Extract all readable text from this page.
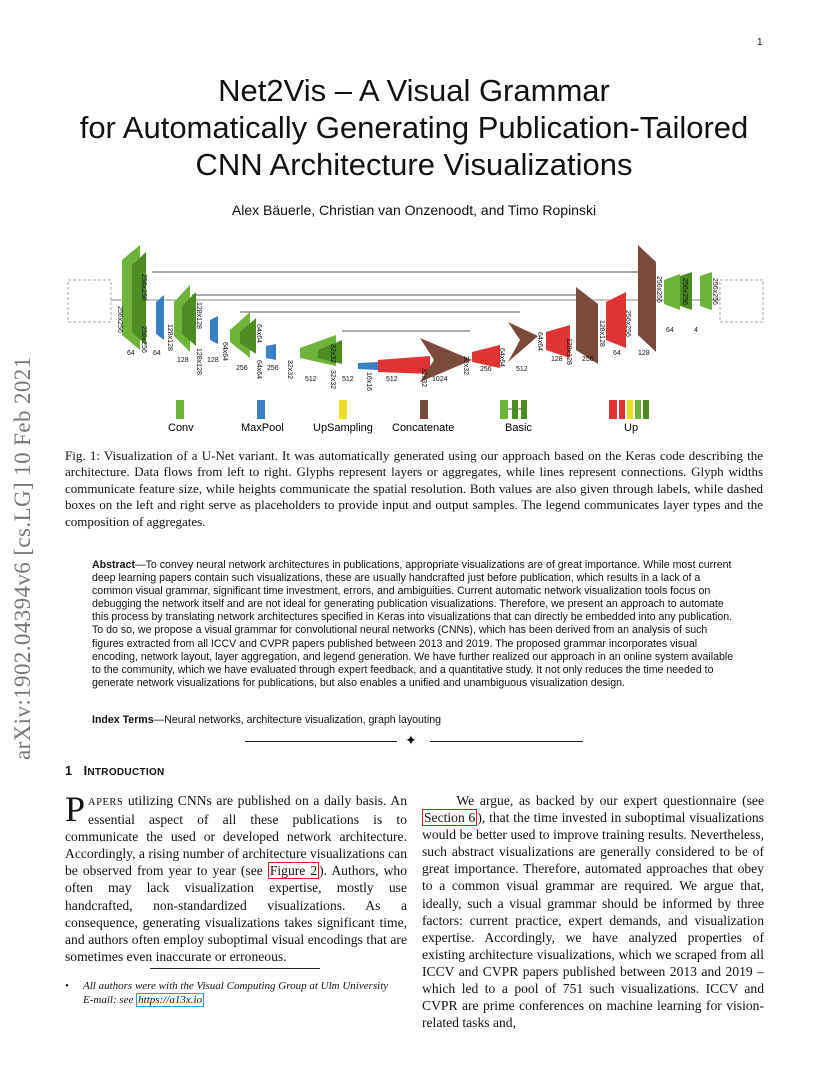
1
Net2Vis – A Visual Grammar
for Automatically Generating Publication-Tailored
CNN Architecture Visualizations
Alex Bäuerle, Christian van Onzenoodt, and Timo Ropinski
arXiv:1902.04394v6 [cs.LG] 10 Feb 2021
256x256
64
256x256
256x256
64
128x128
128
128x128
128x128 128 64x64
256
64x64
64x64 256 32x32
512
32x32
32x32 512 16x16 512	32x32 1024
32x32 256
64x64
512
64x64
128 128x128 256
128x128
64
256x256
128
256x256
64
256x256
4
256x256
Conv	MaxPool	UpSampling Concatenate	Basic	Up
Fig. 1: Visualization of a U-Net variant. It was automatically generated using our approach based on the Keras code describing the architecture. Data flows from left to right. Glyphs represent layers or aggregates, while lines represent connections. Glyph widths communicate feature size, while heights communicate the spatial resolution. Both values are also given through labels, while dashed boxes on the left and right serve as placeholders to provide input and output samples. The legend communicates layer types and the composition of aggregates.
Abstract—To convey neural network architectures in publications, appropriate visualizations are of great importance. While most current deep learning papers contain such visualizations, these are usually handcrafted just before publication, which results in a lack of a common visual grammar, significant time investment, errors, and ambiguities. Current automatic network visualization tools focus on debugging the network itself and are not ideal for generating publication visualizations. Therefore, we present an approach to automate this process by translating network architectures specified in Keras into visualizations that can directly be embedded into any publication. To do so, we propose a visual grammar for convolutional neural networks (CNNs), which has been derived from an analysis of such figures extracted from all ICCV and CVPR papers published between 2013 and 2019. The proposed grammar incorporates visual encoding, network layout, layer aggregation, and legend generation. We have further realized our approach in an online system available to the community, which we have evaluated through expert feedback, and a quantitative study. It not only reduces the time needed to generate network visualizations for publications, but also enables a unified and unambiguous visualization design.
Index Terms—Neural networks, architecture visualization, graph layouting
✦
1 INTRODUCTION
PAPERS utilizing CNNs are published on a daily basis. An essential aspect of all these publications is to communicate the used or developed network architecture. Accordingly, a rising number of architecture visualizations can be observed from year to year (see Figure 2 ). Authors, who often may lack visualization expertise, mostly use handcrafted, non-standardized visualizations. As a consequence, generating visualizations takes significant time, and authors often employ suboptimal visual encodings that are sometimes even inaccurate or erroneous.
We argue, as backed by our expert questionnaire (see Section 6 ), that the time invested in suboptimal visualizations would be better used to improve training results. Nevertheless, such abstract visualizations are generally considered to be of great importance. Therefore, automated approaches that obey to a common visual grammar are required. We argue that, ideally, such a visual grammar should be informed by three factors: current practice, expert demands, and visualization expertise. Accordingly, we have analyzed properties of existing architecture visualizations, which we scraped from all ICCV and CVPR papers published between 2013 and 2019 – which led to a pool of 751 such visualizations. ICCV and CVPR are prime conferences on machine learning for vision-related tasks and,
• All authors were with the Visual Computing Group at Ulm University
E-mail: see https://a13x.io
